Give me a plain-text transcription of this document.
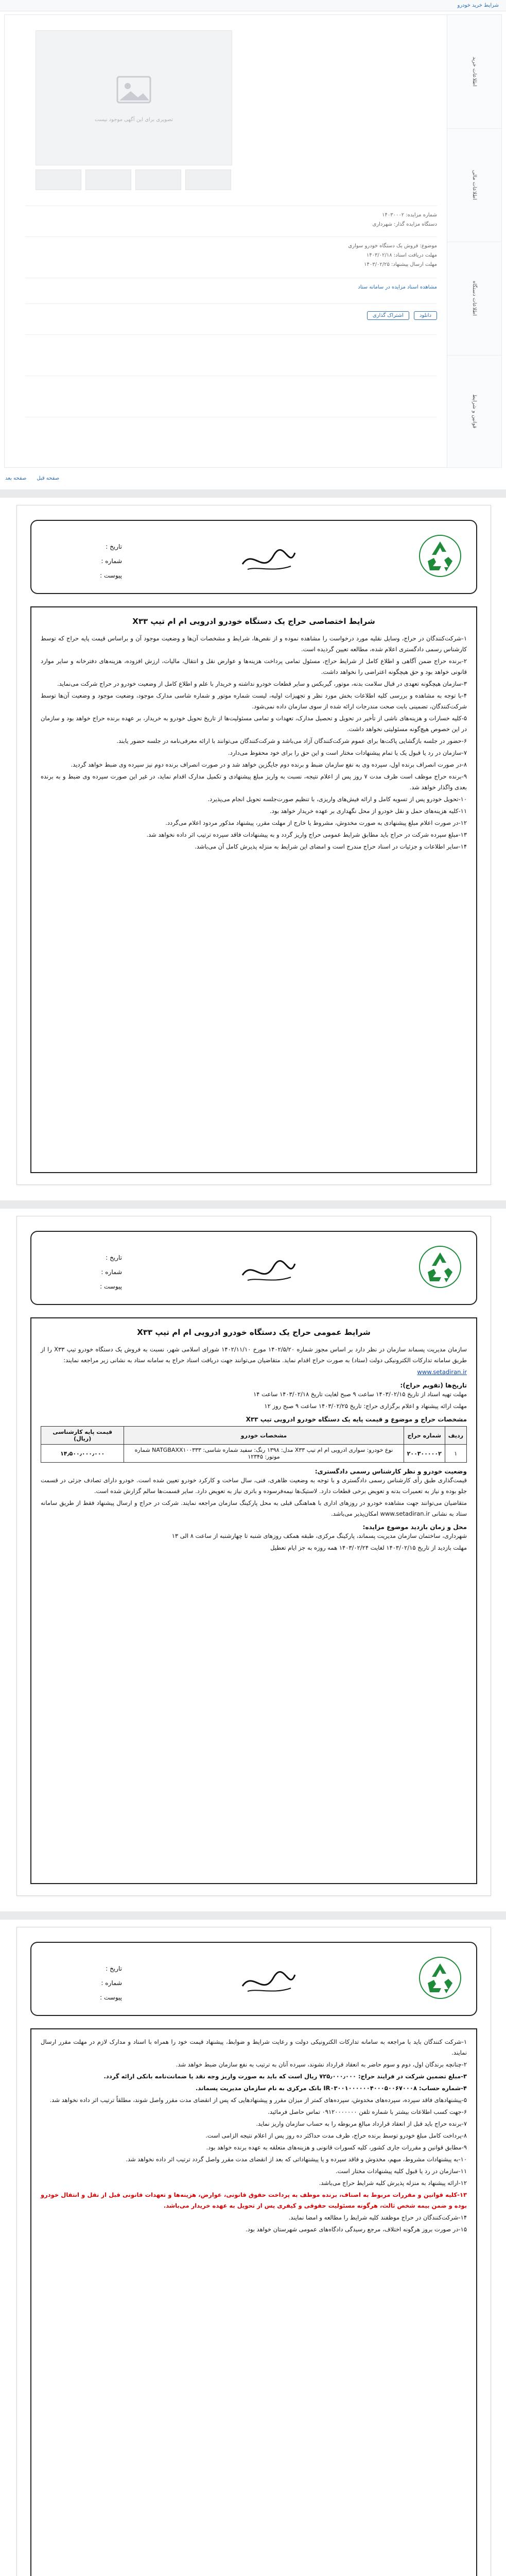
شرایط خرید خودرو
تصویری برای این آگهی موجود نیست
شماره مزایده: ۱۴۰۳۰۰۰۲
دستگاه مزایده گذار: شهرداری
موضوع: فروش یک دستگاه خودرو سواری
مهلت دریافت اسناد: ۱۴۰۳/۰۲/۱۸
مهلت ارسال پیشنهاد: ۱۴۰۳/۰۲/۲۵
مشاهده اسناد مزایده در سامانه ستاد
دانلود اشتراک گذاری
اطلاعات خرید
اطلاعات مالی
اطلاعات دستگاه
قوانین و شرایط
صفحه قبل صفحه بعد
تاریخ :
شماره :
پیوست :
شرایط اختصاصی حراج یک دستگاه خودرو ادرویی ام ام تیپ X۳۳

۱-شرکت‌کنندگان در حراج، وسایل نقلیه مورد درخواست را مشاهده نموده و از نقص‌ها، شرایط و مشخصات آن‌ها و وضعیت موجود آن و براساس قیمت پایه حراج که توسط کارشناس رسمی دادگستری اعلام شده، مطالعه تعیین گردیده است.

۲-برنده حراج ضمن آگاهی و اطلاع کامل از شرایط حراج، مسئول تمامی پرداخت هزینه‌ها و عوارض نقل و انتقال، مالیات، ارزش افزوده، هزینه‌های دفترخانه و سایر موارد قانونی خواهد بود و حق هیچگونه اعتراضی را نخواهد داشت.

۳-سازمان هیچگونه تعهدی در قبال سلامت بدنه، موتور، گیربکس و سایر قطعات خودرو نداشته و خریدار با علم و اطلاع کامل از وضعیت خودرو در حراج شرکت می‌نماید.

۴-با توجه به مشاهده و بررسی کلیه اطلاعات بخش مورد نظر و تجهیزات اولیه، لیست شماره موتور و شماره شاسی مدارک موجود، وضعیت موجود و وضعیت آن‌ها توسط شرکت‌کنندگان، تضمینی بابت صحت مندرجات ارائه شده از سوی سازمان داده نمی‌شود.

۵-کلیه خسارات و هزینه‌های ناشی از تأخیر در تحویل و تحصیل مدارک، تعهدات و تمامی مسئولیت‌ها از تاریخ تحویل خودرو به خریدار، بر عهده برنده حراج خواهد بود و سازمان در این خصوص هیچ‌گونه مسئولیتی نخواهد داشت.

۶-حضور در جلسه بازگشایی پاکت‌ها برای عموم شرکت‌کنندگان آزاد می‌باشد و شرکت‌کنندگان می‌توانند با ارائه معرفی‌نامه در جلسه حضور یابند.

۷-سازمان در رد یا قبول یک یا تمام پیشنهادات مختار است و این حق را برای خود محفوظ می‌دارد.

۸-در صورت انصراف برنده اول، سپرده وی به نفع سازمان ضبط و برنده دوم جایگزین خواهد شد و در صورت انصراف برنده دوم نیز سپرده وی ضبط خواهد گردید.

۹-برنده حراج موظف است ظرف مدت ۷ روز پس از اعلام نتیجه، نسبت به واریز مبلغ پیشنهادی و تکمیل مدارک اقدام نماید، در غیر این صورت سپرده وی ضبط و به برنده بعدی واگذار خواهد شد.

۱۰-تحویل خودرو پس از تسویه کامل و ارائه فیش‌های واریزی، با تنظیم صورت‌جلسه تحویل انجام می‌پذیرد.

۱۱-کلیه هزینه‌های حمل و نقل خودرو از محل نگهداری بر عهده خریدار خواهد بود.

۱۲-در صورت اعلام مبلغ پیشنهادی به صورت مخدوش، مشروط یا خارج از مهلت مقرر، پیشنهاد مذکور مردود اعلام می‌گردد.

۱۳-مبلغ سپرده شرکت در حراج باید مطابق شرایط عمومی حراج واریز گردد و به پیشنهادات فاقد سپرده ترتیب اثر داده نخواهد شد.

۱۴-سایر اطلاعات و جزئیات در اسناد حراج مندرج است و امضای این شرایط به منزله پذیرش کامل آن می‌باشد.

تاریخ :
شماره :
پیوست :
شرایط عمومی حراج یک دستگاه خودرو ادرویی ام ام تیپ X۳۳

سازمان مدیریت پسماند سازمان در نظر دارد بر اساس مجوز شماره ۱۴۰۲/۵/۲۰ مورخ ۱۴۰۲/۱۱/۱۰ شورای اسلامی شهر، نسبت به فروش یک دستگاه خودرو تیپ X۳۳ را از طریق سامانه تدارکات الکترونیکی دولت (ستاد) به صورت حراج اقدام نماید. متقاضیان می‌توانند جهت دریافت اسناد حراج به سامانه ستاد به نشانی زیر مراجعه نمایند:

www.setadiran.ir

تاریخ‌ها (تقویم حراج):

مهلت تهیه اسناد از تاریخ ۱۴۰۳/۰۲/۱۵ ساعت ۹ صبح لغایت تاریخ ۱۴۰۳/۰۲/۱۸ ساعت ۱۴

مهلت ارائه پیشنهاد و اعلام برگزاری حراج: تاریخ ۱۴۰۳/۰۲/۲۵ ساعت ۹ صبح روز ۱۲

مشخصات حراج و موضوع و قیمت پایه یک دستگاه خودرو ادرویی تیپ X۳۳
ردیف	شماره حراج	مشخصات خودرو	قیمت پایه کارشناسی (ریال)
۱	۲۰۰۳۰۰۰۰۰۲	نوع خودرو: سواری ادرویی ام ام تیپ X۳۳ مدل: ۱۳۹۸ رنگ: سفید شماره شاسی: NATGBAXX۱۰۰۳۳۳ شماره موتور: ۱۲۳۴۵	۱۴٫۵۰۰٫۰۰۰٫۰۰۰
وضعیت خودرو و نظر کارشناس رسمی دادگستری:

قیمت‌گذاری طبق رأی کارشناس رسمی دادگستری و با توجه به وضعیت ظاهری، فنی، سال ساخت و کارکرد خودرو تعیین شده است. خودرو دارای تصادف جزئی در قسمت جلو بوده و نیاز به تعمیرات بدنه و تعویض برخی قطعات دارد. لاستیک‌ها نیمه‌فرسوده و باتری نیاز به تعویض دارد. سایر قسمت‌ها سالم گزارش شده است.

متقاضیان می‌توانند جهت مشاهده خودرو در روزهای اداری با هماهنگی قبلی به محل پارکینگ سازمان مراجعه نمایند. شرکت در حراج و ارسال پیشنهاد فقط از طریق سامانه ستاد به نشانی www.setadiran.ir امکان‌پذیر می‌باشد.

محل و زمان بازدید موضوع مزایده:

شهرداری، ساختمان سازمان مدیریت پسماند، پارکینگ مرکزی، طبقه همکف روزهای شنبه تا چهارشنبه از ساعت ۸ الی ۱۳

مهلت بازدید از تاریخ ۱۴۰۳/۰۲/۱۵ لغایت ۱۴۰۳/۰۲/۲۴ همه روزه به جز ایام تعطیل

تاریخ :
شماره :
پیوست :

۱-شرکت کنندگان باید با مراجعه به سامانه تدارکات الکترونیکی دولت و رعایت شرایط و ضوابط، پیشنهاد قیمت خود را همراه با اسناد و مدارک لازم در مهلت مقرر ارسال نمایند.

۲-چنانچه برندگان اول، دوم و سوم حاضر به انعقاد قرارداد نشوند، سپرده آنان به ترتیب به نفع سازمان ضبط خواهد شد.

۳-مبلغ تضمین شرکت در فرایند حراج: ۷۲۵٫۰۰۰٫۰۰۰ ریال است که باید به صورت واریز وجه نقد یا ضمانت‌نامه بانکی ارائه گردد.

۴-شماره حساب: IR۰۳۰۰۱۰۰۰۰۰۰۴۰۰۰۵۰۰۶۷۰۰۰۸ بانک مرکزی به نام سازمان مدیریت پسماند.

۵-پیشنهادهای فاقد سپرده، سپرده‌های مخدوش، سپرده‌های کمتر از میزان مقرر و پیشنهادهایی که پس از انقضای مدت مقرر واصل شوند، مطلقاً ترتیب اثر داده نخواهد شد.

۶-جهت کسب اطلاعات بیشتر با شماره تلفن ۰۹۱۲۰۰۰۰۰۰۰ تماس حاصل فرمائید.

۷-برنده حراج باید قبل از انعقاد قرارداد مبالغ مربوطه را به حساب سازمان واریز نماید.

۸-پرداخت کامل مبلغ خودرو توسط برنده حراج، ظرف مدت حداکثر ده روز پس از اعلام نتیجه الزامی است.

۹-مطابق قوانین و مقررات جاری کشور، کلیه کسورات قانونی و هزینه‌های متعلقه به عهده برنده خواهد بود.

۱۰-به پیشنهادات مشروط، مبهم، مخدوش و فاقد سپرده و یا پیشنهاداتی که بعد از انقضای مدت مقرر واصل گردد ترتیب اثر داده نخواهد شد.

۱۱-سازمان در رد یا قبول کلیه پیشنهادات مختار است.

۱۲-ارائه پیشنهاد به منزله پذیرش کلیه شرایط حراج می‌باشد.

۱۳-کلیه قوانین و مقررات مربوط به اصناف، برنده موظف به پرداخت حقوق قانونی، عوارض، هزینه‌ها و تعهدات قانونی قبل از نقل و انتقال خودرو بوده و ضمن بیمه شخص ثالث، هرگونه مسئولیت حقوقی و کیفری پس از تحویل به عهده خریدار می‌باشد.

۱۴-شرکت‌کنندگان در حراج موظفند کلیه شرایط را مطالعه و امضا نمایند.

۱۵-در صورت بروز هرگونه اختلاف، مرجع رسیدگی دادگاه‌های عمومی شهرستان خواهد بود.
